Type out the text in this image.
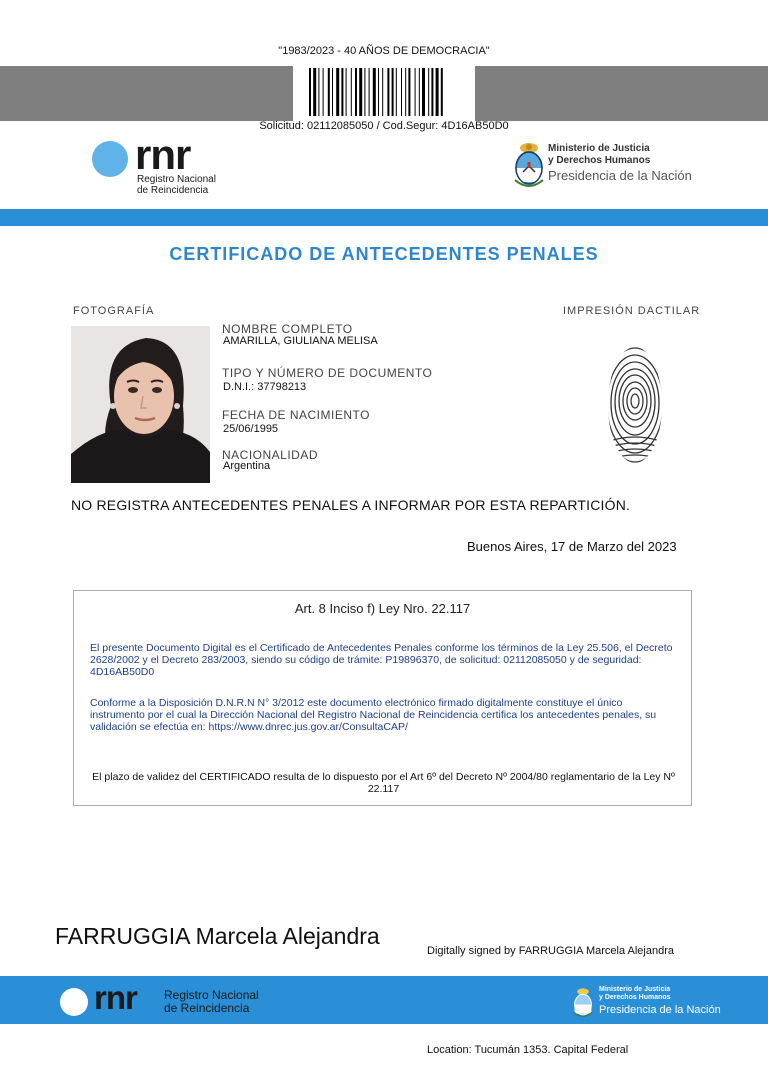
"1983/2023 - 40 AÑOS DE DEMOCRACIA"
Solicitud: 02112085050 / Cod.Segur: 4D16AB50D0
rnr
Registro Nacional
de Reincidencia
Ministerio de Justicia
y Derechos Humanos
Presidencia de la Nación
CERTIFICADO DE ANTECEDENTES PENALES
FOTOGRAFÍA	IMPRESIÓN DACTILAR
NOMBRE COMPLETO
AMARILLA, GIULIANA MELISA
TIPO Y NÚMERO DE DOCUMENTO
D.N.I.: 37798213
FECHA DE NACIMIENTO
25/06/1995
NACIONALIDAD
Argentina
NO REGISTRA ANTECEDENTES PENALES A INFORMAR POR ESTA REPARTICIÓN.
Buenos Aires, 17 de Marzo del 2023
Art. 8 Inciso f) Ley Nro. 22.117
El presente Documento Digital es el Certificado de Antecedentes Penales conforme los términos de la Ley 25.506, el Decreto 2628/2002 y el Decreto 283/2003, siendo su código de trámite: P19896370, de solicitud: 02112085050 y de seguridad: 4D16AB50D0
Conforme a la Disposición D.N.R.N N° 3/2012 este documento electrónico firmado digitalmente constituye el único instrumento por el cual la Dirección Nacional del Registro Nacional de Reincidencia certifica los antecedentes penales, su validación se efectúa en: https://www.dnrec.jus.gov.ar/ConsultaCAP/
El plazo de validez del CERTIFICADO resulta de lo dispuesto por el Art 6º del Decreto Nº 2004/80 reglamentario de la Ley Nº 22.117
FARRUGGIA Marcela Alejandra

Digitally signed by FARRUGGIA Marcela Alejandra

Location: Tucumán 1353. Capital Federal

rnr Registro Nacional
de Reincidencia
Ministerio de Justicia
y Derechos Humanos
Presidencia de la Nación
